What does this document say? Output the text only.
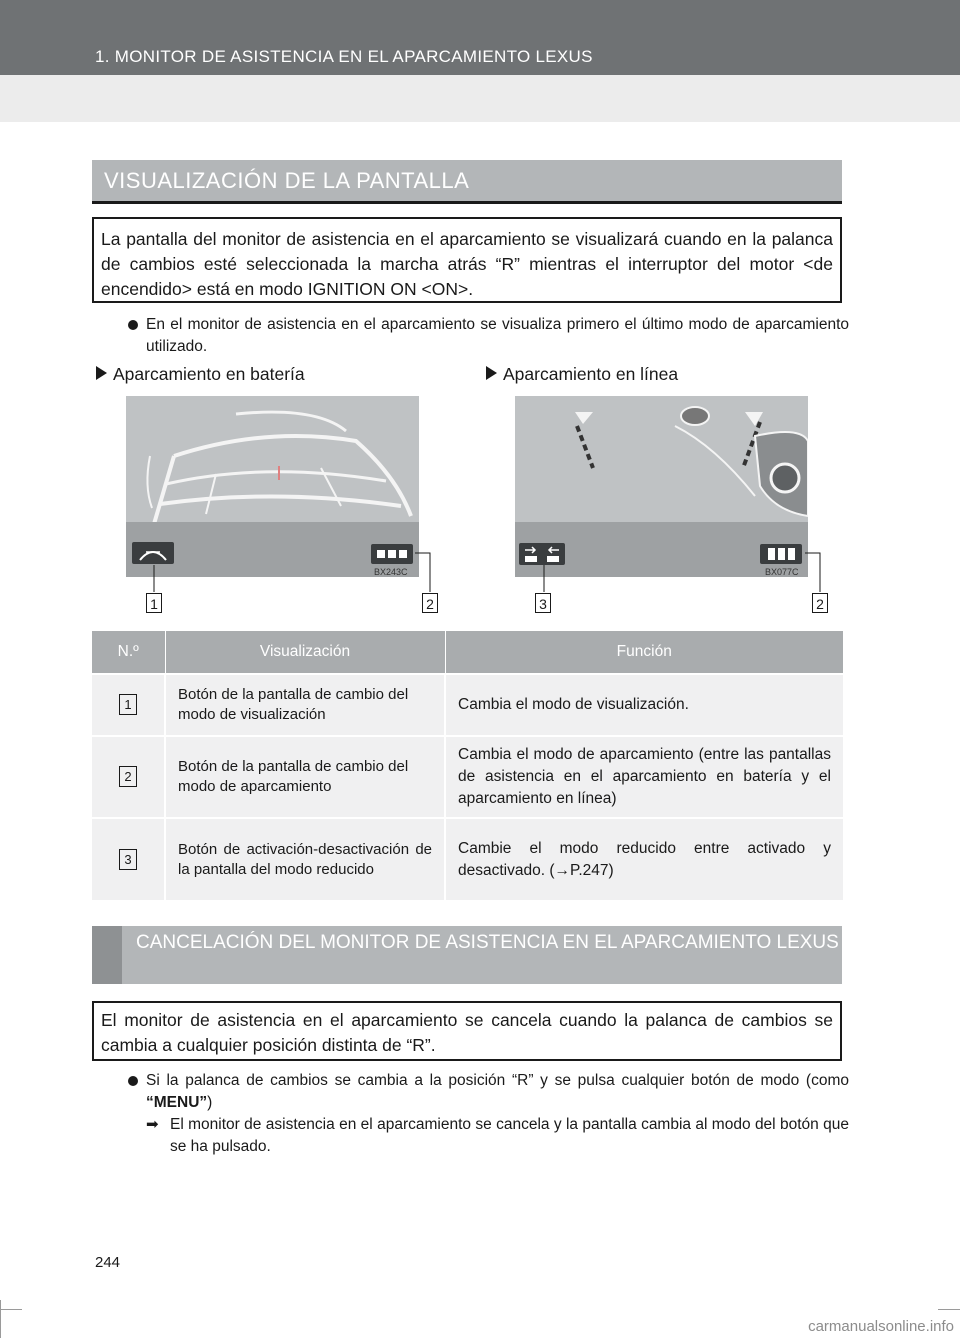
1. MONITOR DE ASISTENCIA EN EL APARCAMIENTO LEXUS
VISUALIZACIÓN DE LA PANTALLA
La pantalla del monitor de asistencia en el aparcamiento se visualizará cuando en la palanca de cambios esté seleccionada la marcha atrás “R” mientras el interruptor del motor <de encendido> está en modo IGNITION ON <ON>.
En el monitor de asistencia en el aparcamiento se visualiza primero el último modo de aparcamiento utilizado.
Aparcamiento en batería	Aparcamiento en línea
BX243C	BX077C
1	2	3	2
N.º	Visualización	Función
1	Botón de la pantalla de cambio del modo de visualización	Cambia el modo de visualización.
2	Botón de la pantalla de cambio del modo de aparcamiento	Cambia el modo de aparcamiento (entre las pantallas de asistencia en el aparcamiento en batería y el aparcamiento en línea)
3	Botón de activación-desactivación de la pantalla del modo reducido	Cambie el modo reducido entre activado y desactivado. (→P.247)
CANCELACIÓN DEL MONITOR DE ASISTENCIA EN EL APARCAMIENTO LEXUS
El monitor de asistencia en el aparcamiento se cancela cuando la palanca de cambios se cambia a cualquier posición distinta de “R”.
Si la palanca de cambios se cambia a la posición “R” y se pulsa cualquier botón de modo (como “MENU”)
➡ El monitor de asistencia en el aparcamiento se cancela y la pantalla cambia al modo del botón que se ha pulsado.
244
carmanualsonline.info
